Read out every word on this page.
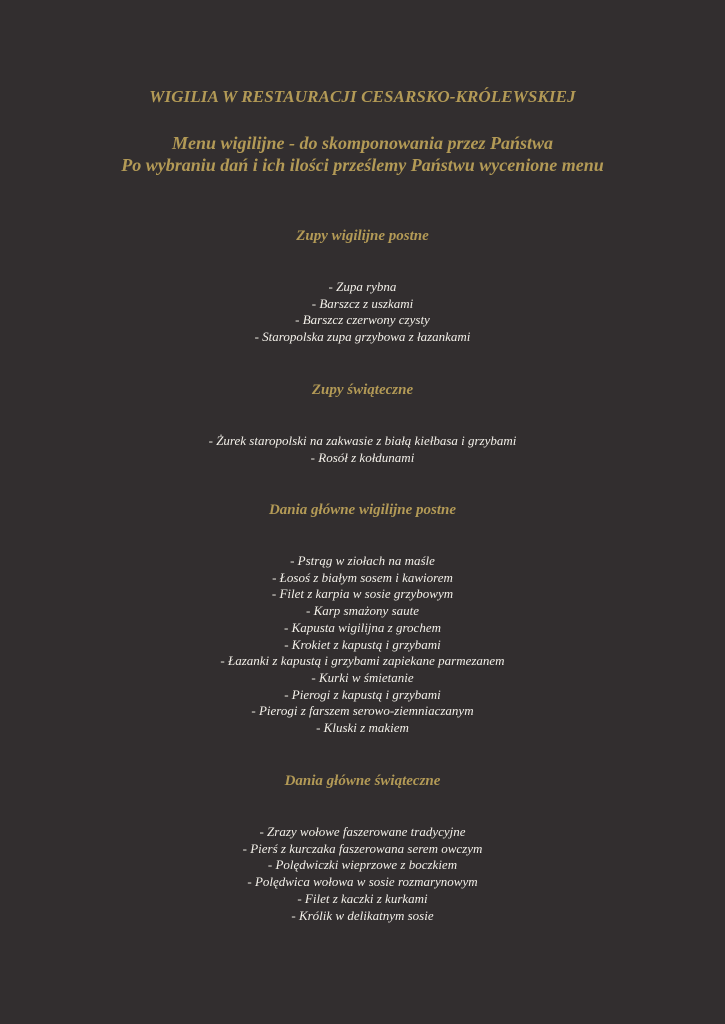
WIGILIA W RESTAURACJI CESARSKO-KRÓLEWSKIEJ
Menu wigilijne - do skomponowania przez Państwa
Po wybraniu dań i ich ilości prześlemy Państwu wycenione menu
Zupy wigilijne postne
- Zupa rybna
- Barszcz z uszkami
- Barszcz czerwony czysty
- Staropolska zupa grzybowa z łazankami
Zupy świąteczne
- Żurek staropolski na zakwasie z białą kiełbasa i grzybami
- Rosół z kołdunami
Dania główne wigilijne postne
- Pstrąg w ziołach na maśle
- Łosoś z białym sosem i kawiorem
- Filet z karpia w sosie grzybowym
- Karp smażony saute
- Kapusta wigilijna z grochem
- Krokiet z kapustą i grzybami
- Łazanki z kapustą i grzybami zapiekane parmezanem
- Kurki w śmietanie
- Pierogi z kapustą i grzybami
- Pierogi z farszem serowo-ziemniaczanym
- Kluski z makiem
Dania główne świąteczne
- Zrazy wołowe faszerowane tradycyjne
- Pierś z kurczaka faszerowana serem owczym
- Polędwiczki wieprzowe z boczkiem
- Polędwica wołowa w sosie rozmarynowym
- Filet z kaczki z kurkami
- Królik w delikatnym sosie
